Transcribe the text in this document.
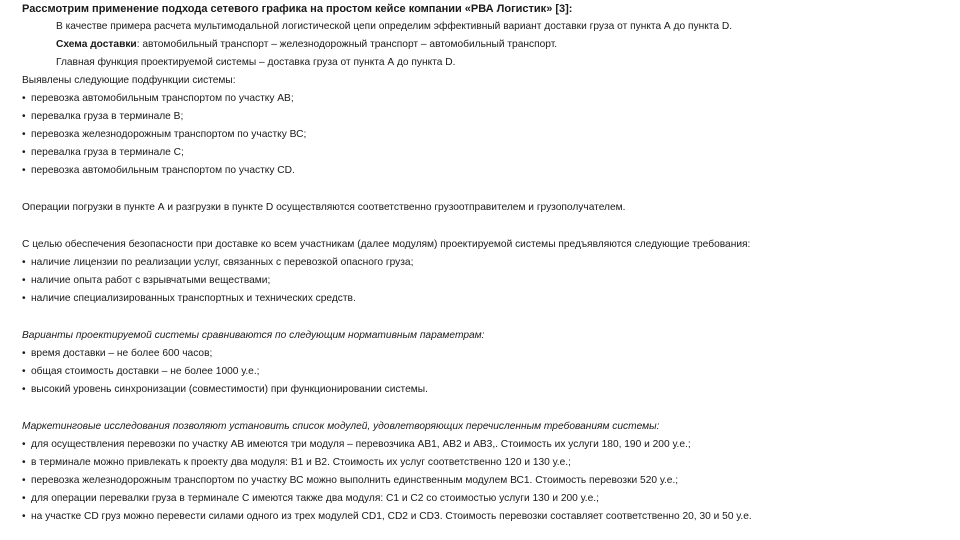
Рассмотрим применение подхода сетевого графика на простом кейсе компании «РВА Логистик» [3]:
В качестве примера расчета мультимодальной логистической цепи определим эффективный вариант доставки груза от пункта А до пункта D.
Схема доставки: автомобильный транспорт – железнодорожный транспорт – автомобильный транспорт.
Главная функция проектируемой системы – доставка груза от пункта А до пункта D.
Выявлены следующие подфункции системы:
• перевозка автомобильным транспортом по участку АВ;
• перевалка груза в терминале В;
• перевозка железнодорожным транспортом по участку ВС;
• перевалка груза в терминале С;
• перевозка автомобильным транспортом по участку CD.
Операции погрузки в пункте А и разгрузки в пункте D осуществляются соответственно грузоотправителем и грузополучателем.
С целью обеспечения безопасности при доставке ко всем участникам (далее модулям) проектируемой системы предъявляются следующие требования:
• наличие лицензии по реализации услуг, связанных с перевозкой опасного груза;
• наличие опыта работ с взрывчатыми веществами;
• наличие специализированных транспортных и технических средств.
Варианты проектируемой системы сравниваются по следующим нормативным параметрам:
• время доставки – не более 600 часов;
• общая стоимость доставки – не более 1000 у.е.;
• высокий уровень синхронизации (совместимости) при функционировании системы.
Маркетинговые исследования позволяют установить список модулей, удовлетворяющих перечисленным требованиям системы:
• для осуществления перевозки по участку АВ имеются три модуля – перевозчика АВ1, АВ2 и АВ3,. Стоимость их услуги 180, 190 и 200 у.е.;
• в терминале можно привлекать к проекту два модуля: В1 и В2. Стоимость их услуг соответственно 120 и 130 у.е.;
• перевозка железнодорожным транспортом по участку ВС можно выполнить единственным модулем ВС1. Стоимость перевозки 520 у.е.;
• для операции перевалки груза в терминале С имеются также два модуля: С1 и С2 со стоимостью услуги 130 и 200 у.е.;
• на участке CD груз можно перевести силами одного из трех модулей CD1, CD2 и CD3. Стоимость перевозки составляет соответственно 20, 30 и 50 у.е.
